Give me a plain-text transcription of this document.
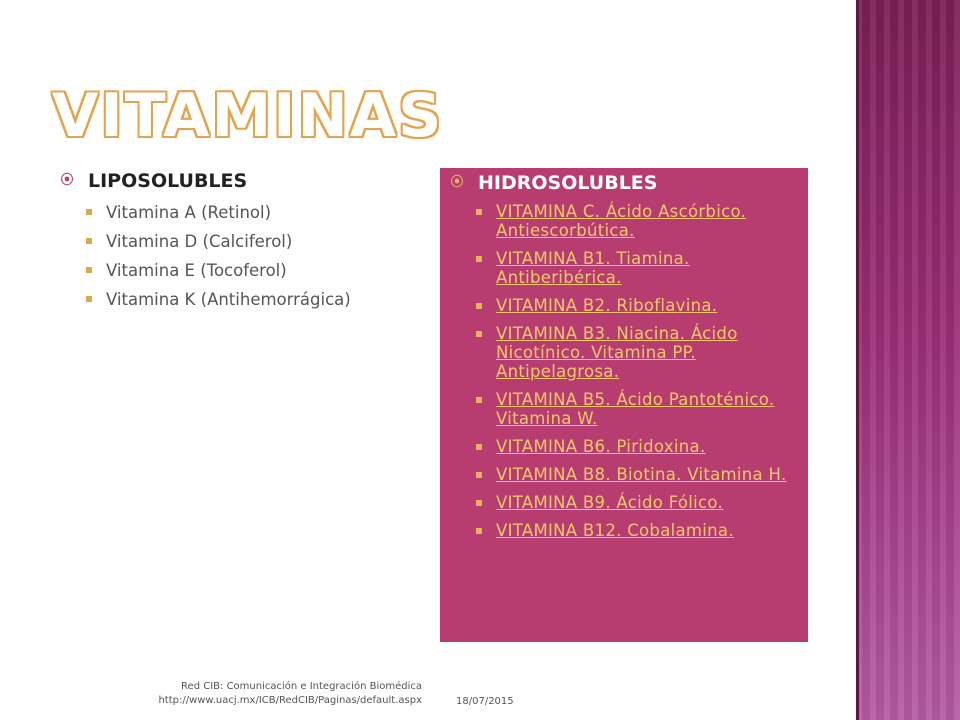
VITAMINAS
⦿ LIPOSOLUBLES
Vitamina A (Retinol)
Vitamina D (Calciferol)
Vitamina E (Tocoferol)
Vitamina K (Antihemorrágica)
⦿ HIDROSOLUBLES
VITAMINA C. Ácido Ascórbico. Antiescorbútica.
VITAMINA B1. Tiamina. Antiberibérica.
VITAMINA B2. Riboflavina.
VITAMINA B3. Niacina. Ácido Nicotínico. Vitamina PP. Antipelagrosa.
VITAMINA B5. Ácido Pantoténico. Vitamina W.
VITAMINA B6. Piridoxina.
VITAMINA B8. Biotina. Vitamina H.
VITAMINA B9. Ácido Fólico.
VITAMINA B12. Cobalamina.
Red CIB: Comunicación e Integración Biomédica
http://www.uacj.mx/ICB/RedCIB/Paginas/default.aspx	18/07/2015
